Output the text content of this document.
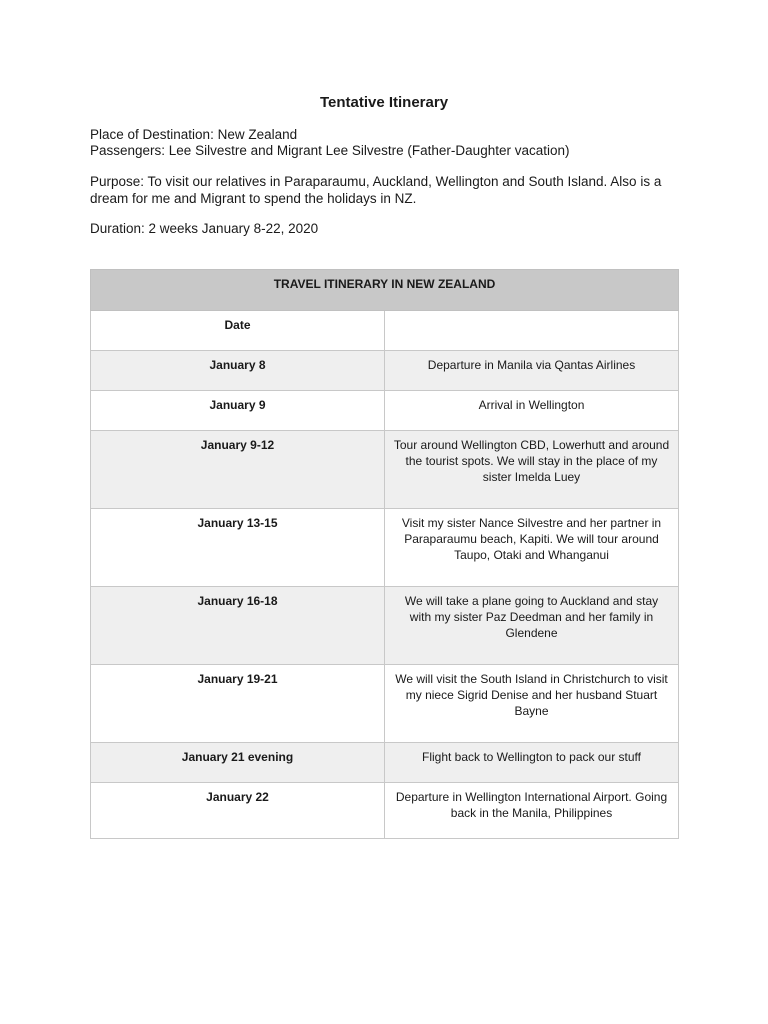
Tentative Itinerary
Place of Destination: New Zealand
Passengers: Lee Silvestre and Migrant Lee Silvestre (Father-Daughter vacation)
Purpose: To visit our relatives in Paraparaumu, Auckland, Wellington and South Island. Also is a dream for me and Migrant to spend the holidays in NZ.
Duration: 2 weeks January 8-22, 2020
TRAVEL ITINERARY IN NEW ZEALAND	
Date	
January 8	Departure in Manila via Qantas Airlines
January 9	Arrival in Wellington
January 9-12	Tour around Wellington CBD, Lowerhutt and around the tourist spots. We will stay in the place of my sister Imelda Luey
January 13-15	Visit my sister Nance Silvestre and her partner in Paraparaumu beach, Kapiti. We will tour around Taupo, Otaki and Whanganui
January 16-18	We will take a plane going to Auckland and stay with my sister Paz Deedman and her family in Glendene
January 19-21	We will visit the South Island in Christchurch to visit my niece Sigrid Denise and her husband Stuart Bayne
January 21 evening	Flight back to Wellington to pack our stuff
January 22	Departure in Wellington International Airport. Going back in the Manila, Philippines
